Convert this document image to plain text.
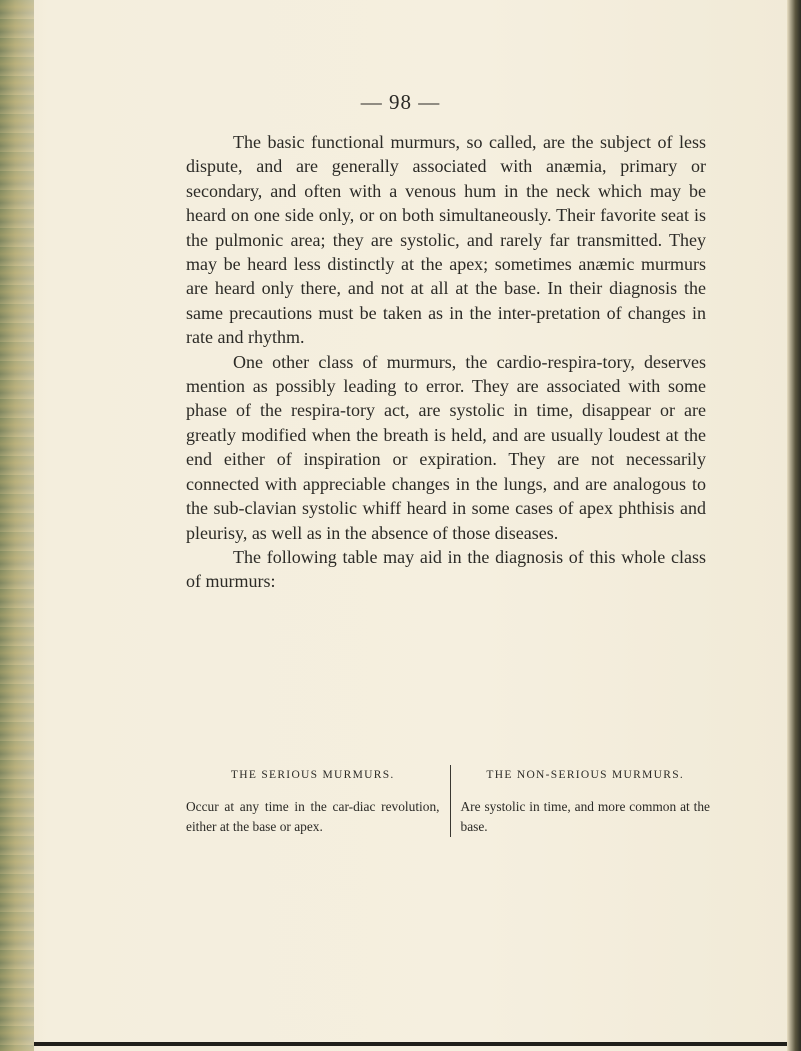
— 98 —

The basic functional murmurs, so called, are the subject of less dispute, and are generally associated with anæmia, primary or secondary, and often with a venous hum in the neck which may be heard on one side only, or on both simultaneously. Their favorite seat is the pulmonic area; they are systolic, and rarely far transmitted. They may be heard less distinctly at the apex; sometimes anæmic murmurs are heard only there, and not at all at the base. In their diagnosis the same precautions must be taken as in the inter-pretation of changes in rate and rhythm.

One other class of murmurs, the cardio-respira-tory, deserves mention as possibly leading to error. They are associated with some phase of the respira-tory act, are systolic in time, disappear or are greatly modified when the breath is held, and are usually loudest at the end either of inspiration or expiration. They are not necessarily connected with appreciable changes in the lungs, and are analogous to the sub-clavian systolic whiff heard in some cases of apex phthisis and pleurisy, as well as in the absence of those diseases.

The following table may aid in the diagnosis of this whole class of murmurs:

THE SERIOUS MURMURS.

Occur at any time in the car-diac revolution, either at the base or apex.

THE NON-SERIOUS MURMURS.

Are systolic in time, and more common at the base.
